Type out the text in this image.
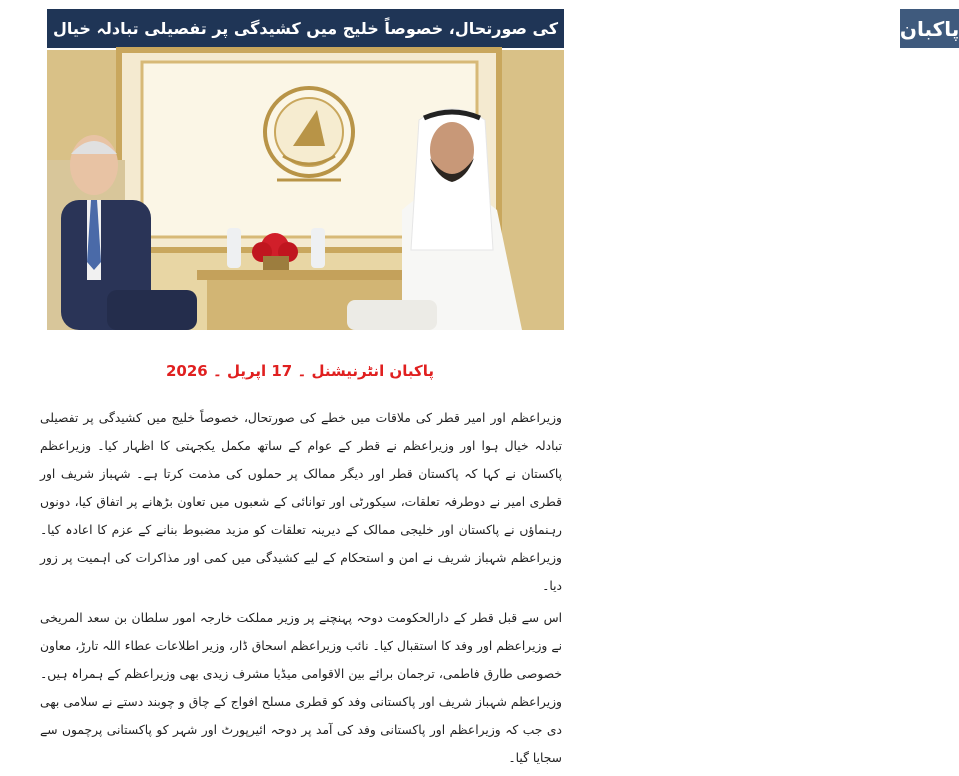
وزیراعظم اور امیر قطر کی ملاقات، خطے کی صورتحال، خصوصاً خلیج میں کشیدگی پر تفصیلی تبادلہ خیال پاکبان
پاکبان انٹرنیشنل ۔ 17 اپریل ۔ 2026

وزیراعظم اور امیر قطر کی ملاقات میں خطے کی صورتحال، خصوصاً خلیج میں کشیدگی پر تفصیلی تبادلہ خیال ہوا اور وزیراعظم نے قطر کے عوام کے ساتھ مکمل یکجہتی کا اظہار کیا۔ وزیراعظم پاکستان نے کہا کہ پاکستان قطر اور دیگر ممالک پر حملوں کی مذمت کرتا ہے۔ شہباز شریف اور قطری امیر نے دوطرفہ تعلقات، سیکورٹی اور توانائی کے شعبوں میں تعاون بڑھانے پر اتفاق کیا، دونوں رہنماؤں نے پاکستان اور خلیجی ممالک کے دیرینہ تعلقات کو مزید مضبوط بنانے کے عزم کا اعادہ کیا۔ وزیراعظم شہباز شریف نے امن و استحکام کے لیے کشیدگی میں کمی اور مذاکرات کی اہمیت پر زور دیا۔

اس سے قبل قطر کے دارالحکومت دوحہ پہنچنے پر وزیر مملکت خارجہ امور سلطان بن سعد المریخی نے وزیراعظم اور وفد کا استقبال کیا۔ نائب وزیراعظم اسحاق ڈار، وزیر اطلاعات عطاء اللہ تارڑ، معاون خصوصی طارق فاطمی، ترجمان برائے بین الاقوامی میڈیا مشرف زیدی بھی وزیراعظم کے ہمراہ ہیں۔ وزیراعظم شہباز شریف اور پاکستانی وفد کو قطری مسلح افواج کے چاق و چوبند دستے نے سلامی بھی دی جب کہ وزیراعظم اور پاکستانی وفد کی آمد پر دوحہ ائیرپورٹ اور شہر کو پاکستانی پرچموں سے سجایا گیا۔
